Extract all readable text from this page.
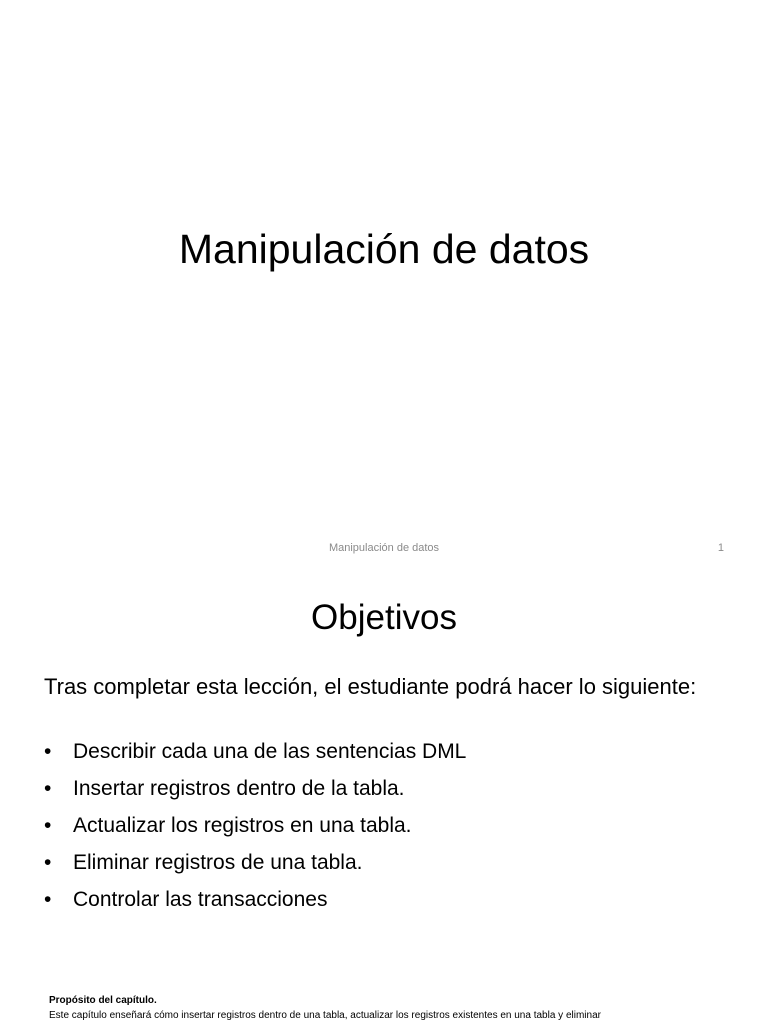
Manipulación de datos
Manipulación de datos	1
Objetivos

Tras completar esta lección, el estudiante podrá hacer lo siguiente:

• Describir cada una de las sentencias DML
• Insertar registros dentro de la tabla.
• Actualizar los registros en una tabla.
• Eliminar registros de una tabla.
• Controlar las transacciones
Propósito del capítulo.
Este capítulo enseñará cómo insertar registros dentro de una tabla, actualizar los registros existentes en una tabla y eliminar
